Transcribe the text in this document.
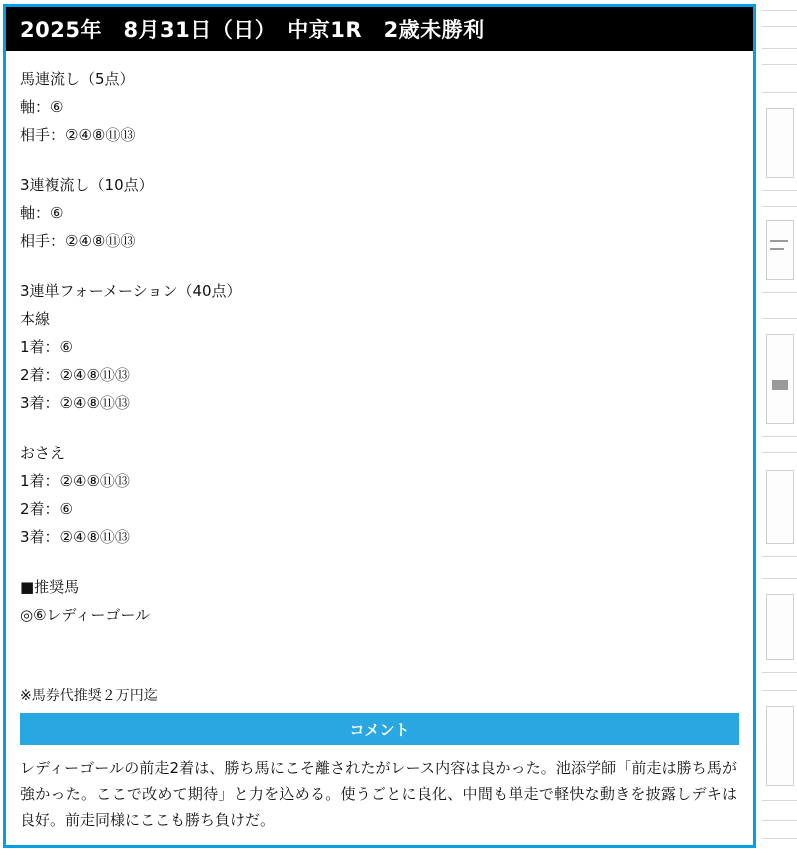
2025年　8月31日（日）　中京1R　2歳未勝利
馬連流し（5点）
軸：⑥
相手：②④⑧⑪⑬
3連複流し（10点）
軸：⑥
相手：②④⑧⑪⑬
3連単フォーメーション（40点）
本線
1着：⑥
2着：②④⑧⑪⑬
3着：②④⑧⑪⑬
おさえ
1着：②④⑧⑪⑬
2着：⑥
3着：②④⑧⑪⑬
■推奨馬
◎⑥レディーゴール
※馬券代推奨２万円迄
コメント
レディーゴールの前走2着は、勝ち馬にこそ離されたがレース内容は良かった。池添学師「前走は勝ち馬が強かった。ここで改めて期待」と力を込める。使うごとに良化、中間も単走で軽快な動きを披露しデキは良好。前走同様にここも勝ち負けだ。
